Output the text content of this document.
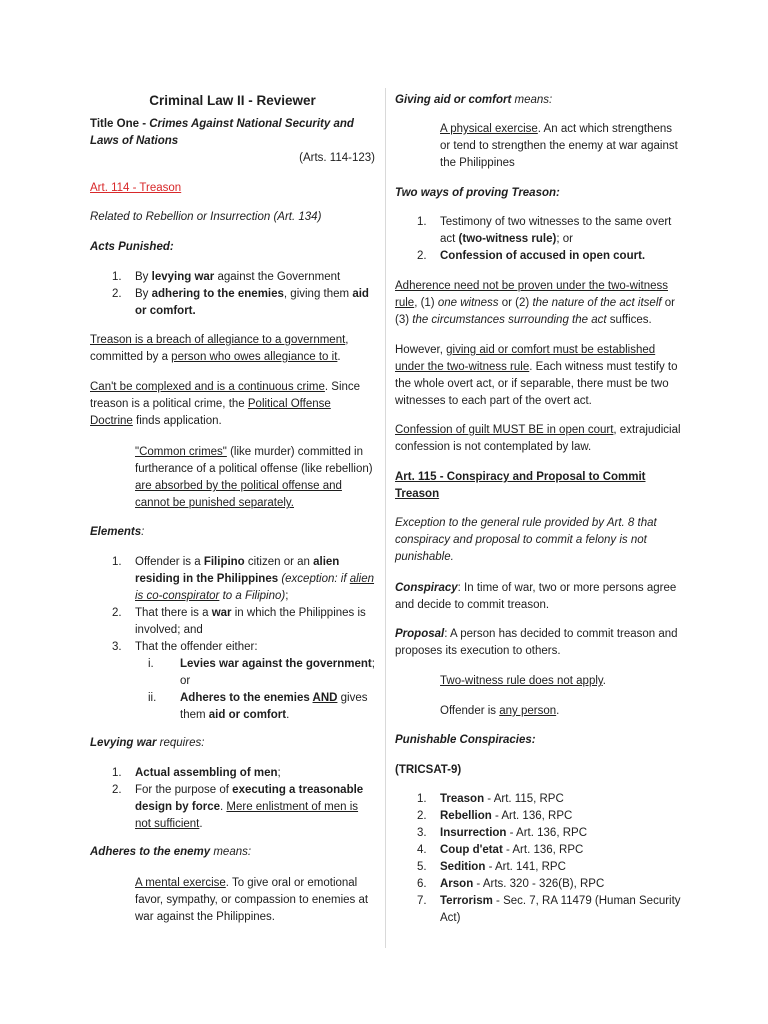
Criminal Law II - Reviewer

Title One - Crimes Against National Security and Laws of Nations

(Arts. 114-123)

Art. 114 - Treason

Related to Rebellion or Insurrection (Art. 134)

Acts Punished:

1. By levying war against the Government
2. By adhering to the enemies, giving them aid or comfort.

Treason is a breach of allegiance to a government, committed by a person who owes allegiance to it.

Can't be complexed and is a continuous crime. Since treason is a political crime, the Political Offense Doctrine finds application.

"Common crimes" (like murder) committed in furtherance of a political offense (like rebellion) are absorbed by the political offense and cannot be punished separately.

Elements:

1. Offender is a Filipino citizen or an alien residing in the Philippines (exception: if alien is co-conspirator to a Filipino);
2. That there is a war in which the Philippines is involved; and
3. That the offender either:
i. Levies war against the government; or
ii. Adheres to the enemies AND gives them aid or comfort.

Levying war requires:

1. Actual assembling of men;
2. For the purpose of executing a treasonable design by force. Mere enlistment of men is not sufficient.

Adheres to the enemy means:

A mental exercise. To give oral or emotional favor, sympathy, or compassion to enemies at war against the Philippines.

Giving aid or comfort means:

A physical exercise. An act which strengthens or tend to strengthen the enemy at war against the Philippines

Two ways of proving Treason:

1. Testimony of two witnesses to the same overt act (two-witness rule); or
2. Confession of accused in open court.

Adherence need not be proven under the two-witness rule, (1) one witness or (2) the nature of the act itself or (3) the circumstances surrounding the act suffices.

However, giving aid or comfort must be established under the two-witness rule. Each witness must testify to the whole overt act, or if separable, there must be two witnesses to each part of the overt act.

Confession of guilt MUST BE in open court, extrajudicial confession is not contemplated by law.

Art. 115 - Conspiracy and Proposal to Commit Treason

Exception to the general rule provided by Art. 8 that conspiracy and proposal to commit a felony is not punishable.

Conspiracy: In time of war, two or more persons agree and decide to commit treason.

Proposal: A person has decided to commit treason and proposes its execution to others.

Two-witness rule does not apply.

Offender is any person.

Punishable Conspiracies:

(TRICSAT-9)

1. Treason - Art. 115, RPC
2. Rebellion - Art. 136, RPC
3. Insurrection - Art. 136, RPC
4. Coup d'etat - Art. 136, RPC
5. Sedition - Art. 141, RPC
6. Arson - Arts. 320 - 326(B), RPC
7. Terrorism - Sec. 7, RA 11479 (Human Security Act)
